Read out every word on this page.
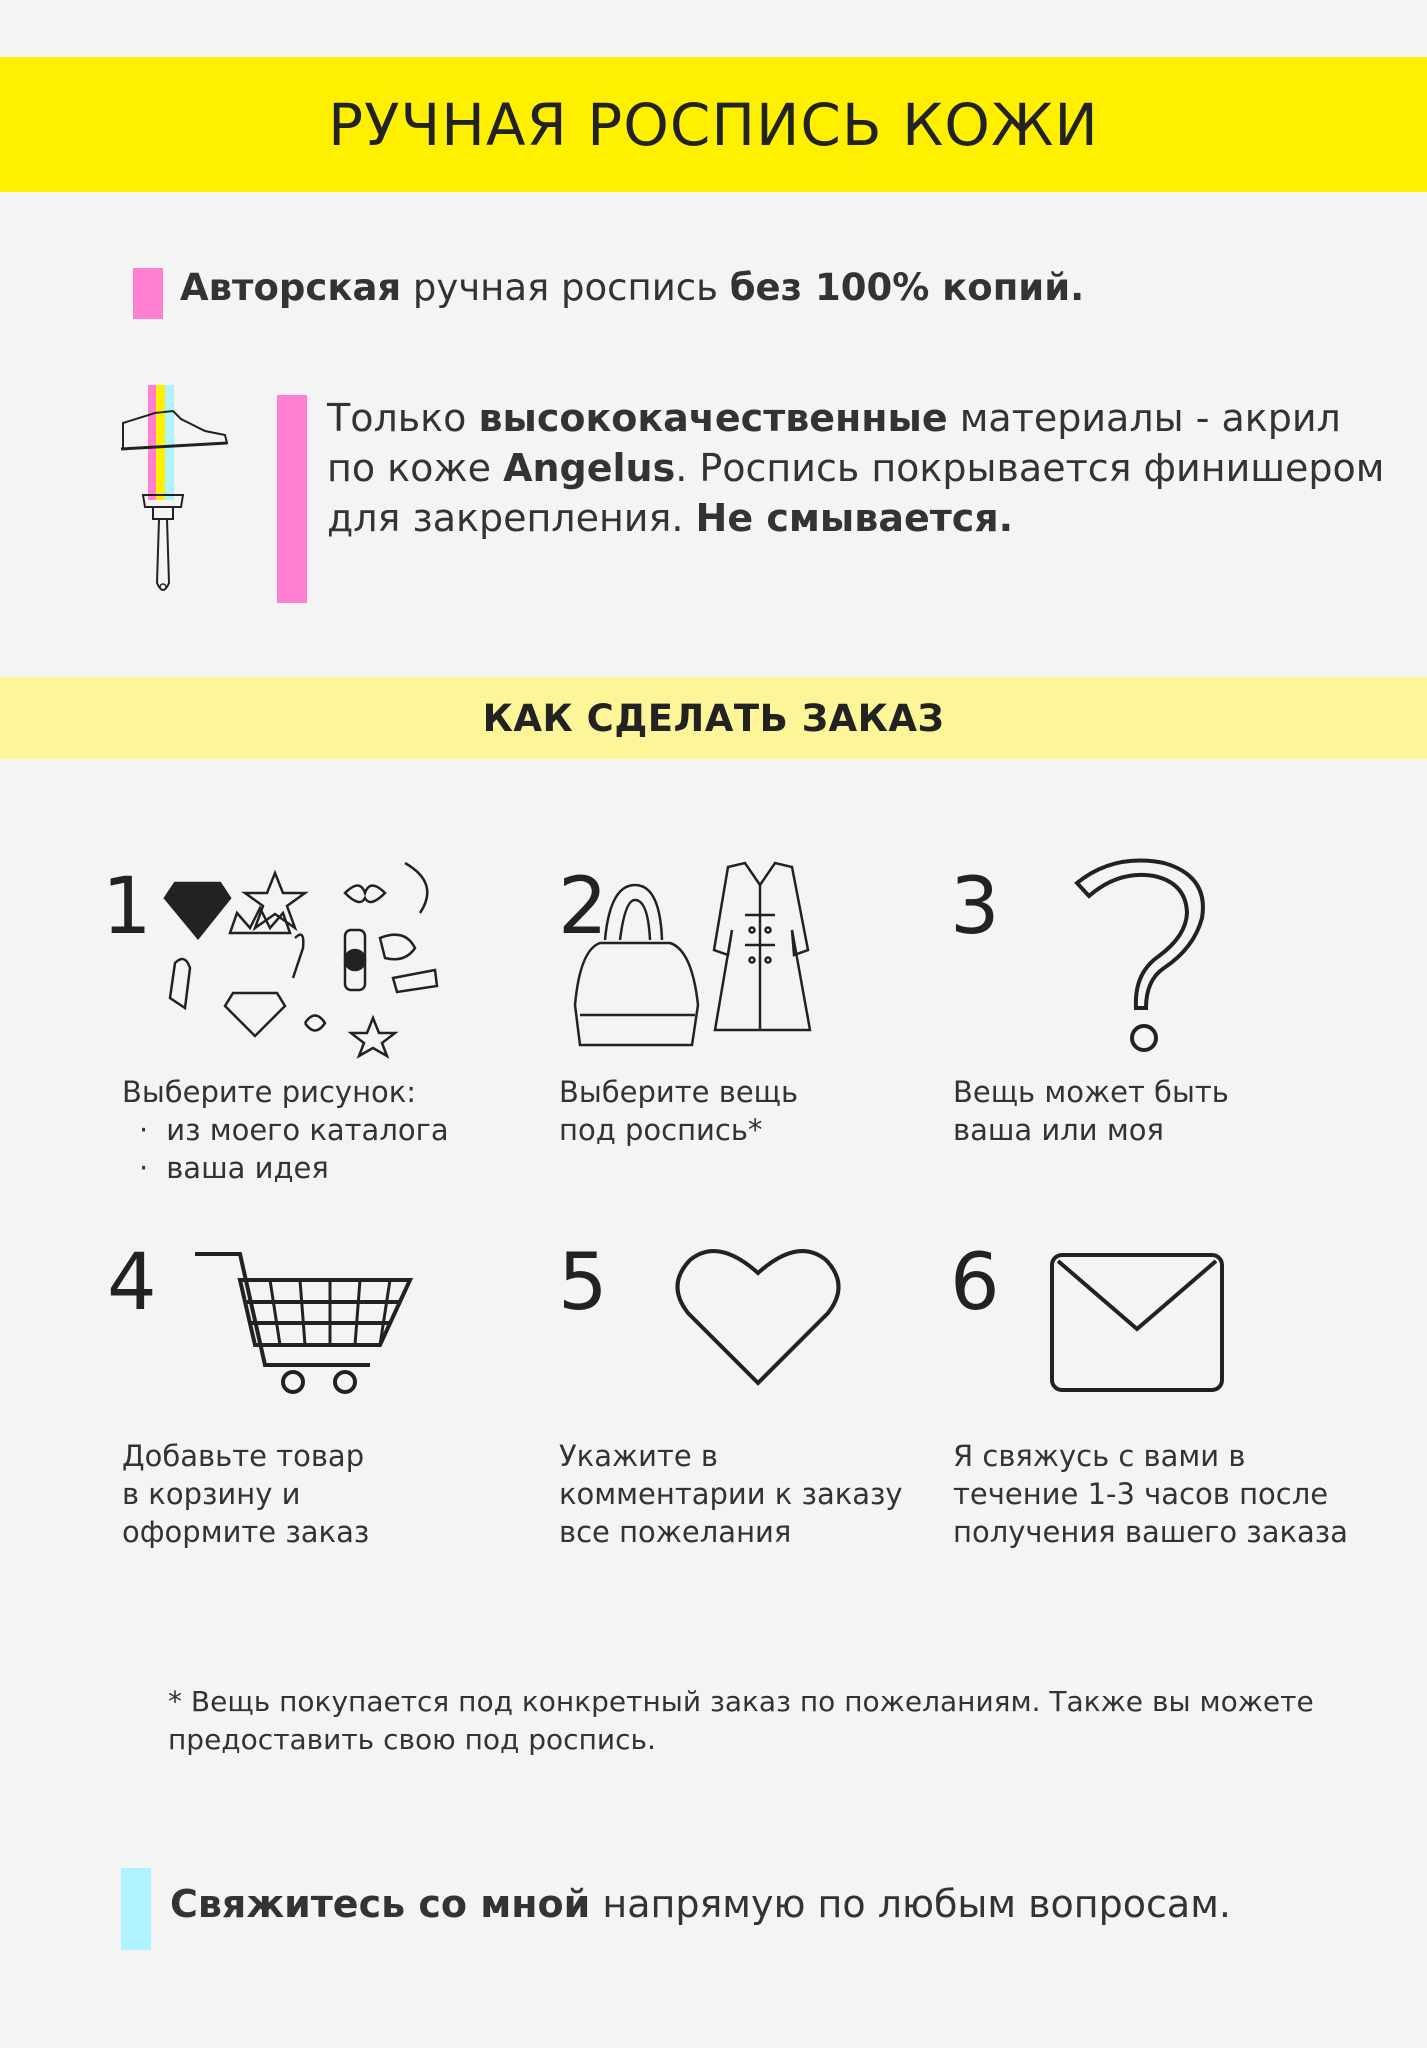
РУЧНАЯ РОСПИСЬ КОЖИ
Авторская ручная роспись без 100% копий.
Только высококачественные материалы - акрил по коже Angelus. Роспись покрывается финишером для закрепления. Не смывается.
КАК СДЕЛАТЬ ЗАКАЗ
1
Выберите рисунок:
· из моего каталога
· ваша идея
2
Выберите вещь
под роспись*
3
Вещь может быть
ваша или моя
4
Добавьте товар
в корзину и
оформите заказ
5
Укажите в
комментарии к заказу
все пожелания
6
Я свяжусь с вами в
течение 1-3 часов после
получения вашего заказа
* Вещь покупается под конкретный заказ по пожеланиям. Также вы можете предоставить свою под роспись.
Свяжитесь со мной напрямую по любым вопросам.
